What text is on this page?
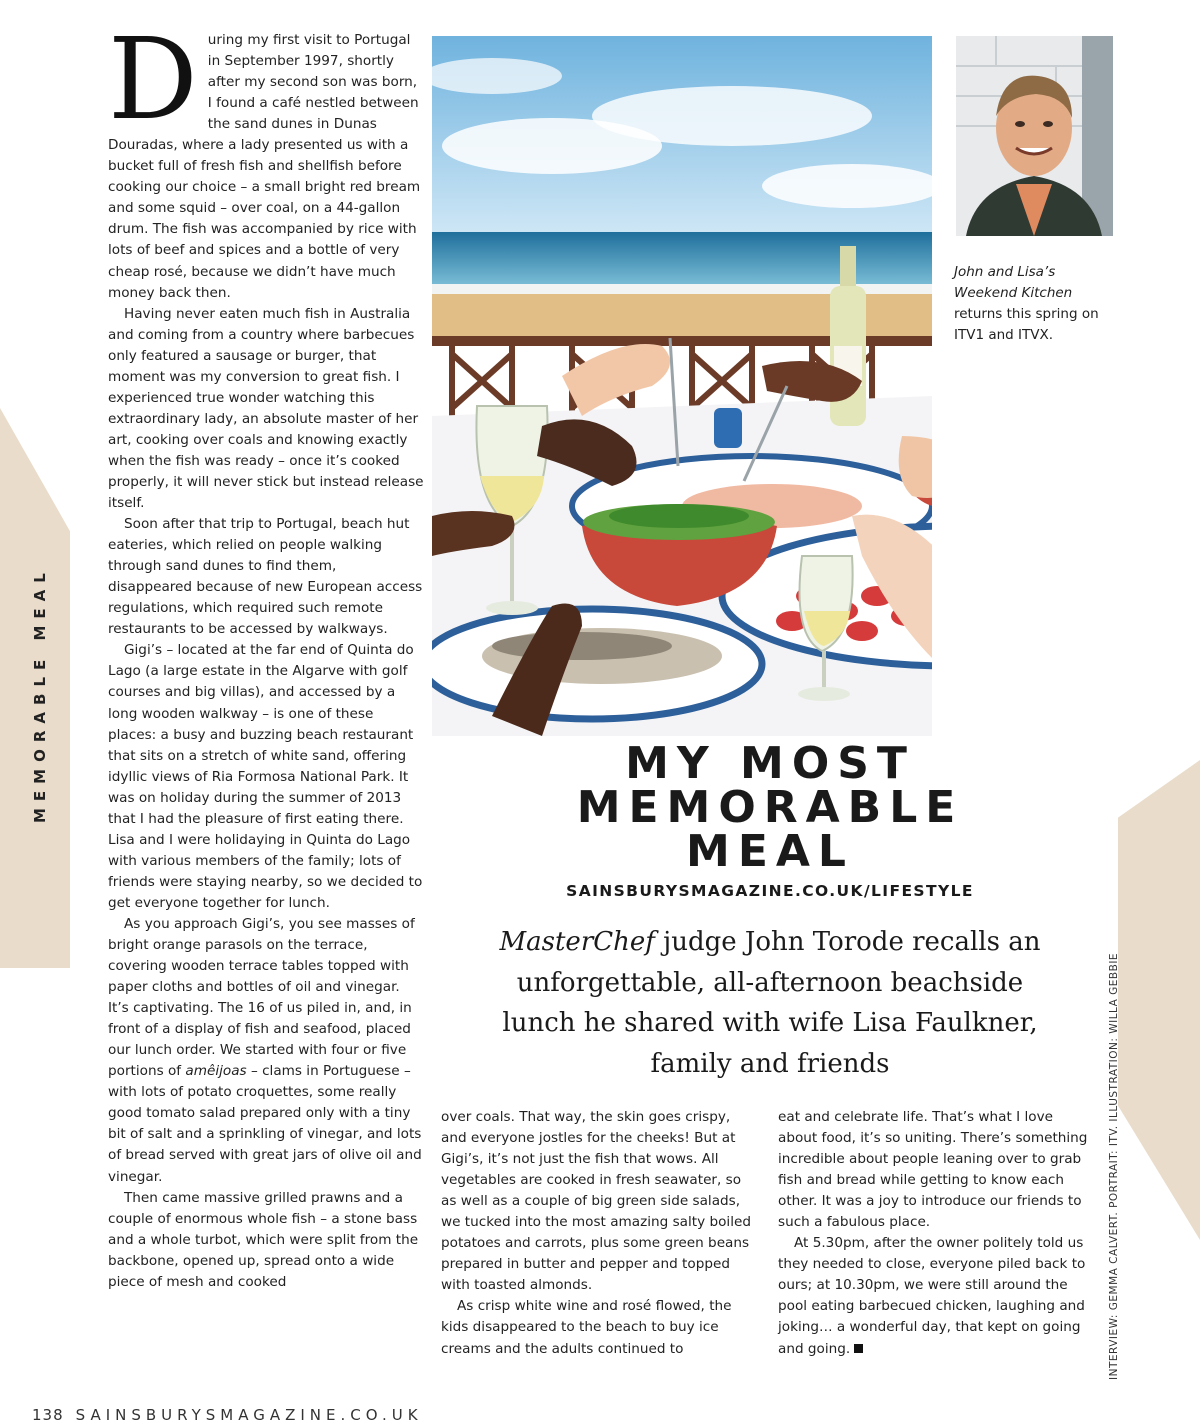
MEMORABLE MEAL

During my first visit to Portugal in September 1997, shortly after my second son was born, I found a café nestled between the sand dunes in Dunas Douradas, where a lady presented us with a bucket full of fresh fish and shellfish before cooking our choice – a small bright red bream and some squid – over coal, on a 44-gallon drum. The fish was accompanied by rice with lots of beef and spices and a bottle of very cheap rosé, because we didn’t have much money back then.

Having never eaten much fish in Australia and coming from a country where barbecues only featured a sausage or burger, that moment was my conversion to great fish. I experienced true wonder watching this extraordinary lady, an absolute master of her art, cooking over coals and knowing exactly when the fish was ready – once it’s cooked properly, it will never stick but instead release itself.

Soon after that trip to Portugal, beach hut eateries, which relied on people walking through sand dunes to find them, disappeared because of new European access regulations, which required such remote restaurants to be accessed by walkways.

Gigi’s – located at the far end of Quinta do Lago (a large estate in the Algarve with golf courses and big villas), and accessed by a long wooden walkway – is one of these places: a busy and buzzing beach restaurant that sits on a stretch of white sand, offering idyllic views of Ria Formosa National Park. It was on holiday during the summer of 2013 that I had the pleasure of first eating there. Lisa and I were holidaying in Quinta do Lago with various members of the family; lots of friends were staying nearby, so we decided to get everyone together for lunch.

As you approach Gigi’s, you see masses of bright orange parasols on the terrace, covering wooden terrace tables topped with paper cloths and bottles of oil and vinegar. It’s captivating. The 16 of us piled in, and, in front of a display of fish and seafood, placed our lunch order. We started with four or five portions of amêijoas – clams in Portuguese – with lots of potato croquettes, some really good tomato salad prepared only with a tiny bit of salt and a sprinkling of vinegar, and lots of bread served with great jars of olive oil and vinegar.

Then came massive grilled prawns and a couple of enormous whole fish – a stone bass and a whole turbot, which were split from the backbone, opened up, spread onto a wide piece of mesh and cooked

John and Lisa’s Weekend Kitchen returns this spring on ITV1 and ITVX.
MY MOST
MEMORABLE
MEAL
SAINSBURYSMAGAZINE.CO.UK/LIFESTYLE
MasterChef judge John Torode recalls an unforgettable, all-afternoon beachside lunch he shared with wife Lisa Faulkner, family and friends

over coals. That way, the skin goes crispy, and everyone jostles for the cheeks! But at Gigi’s, it’s not just the fish that wows. All vegetables are cooked in fresh seawater, so as well as a couple of big green side salads, we tucked into the most amazing salty boiled potatoes and carrots, plus some green beans prepared in butter and pepper and topped with toasted almonds.

As crisp white wine and rosé flowed, the kids disappeared to the beach to buy ice creams and the adults continued to

eat and celebrate life. That’s what I love about food, it’s so uniting. There’s something incredible about people leaning over to grab fish and bread while getting to know each other. It was a joy to introduce our friends to such a fabulous place.

At 5.30pm, after the owner politely told us they needed to close, everyone piled back to ours; at 10.30pm, we were still around the pool eating barbecued chicken, laughing and joking… a wonderful day, that kept on going and going.	INTERVIEW: GEMMA CALVERT. PORTRAIT: ITV. ILLUSTRATION: WILLA GEBBIE
138 SAINSBURYSMAGAZINE.CO.UK
